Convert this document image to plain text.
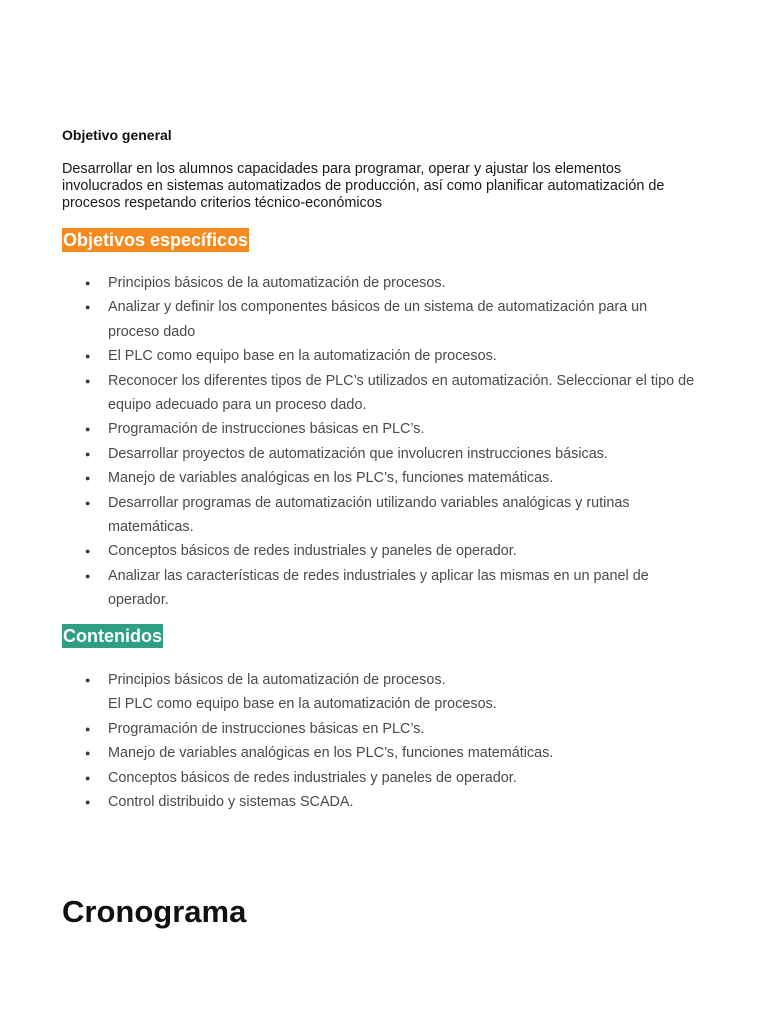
Objetivo general

Desarrollar en los alumnos capacidades para programar, operar y ajustar los elementos involucrados en sistemas automatizados de producción, así como planificar automatización de procesos respetando criterios técnico-económicos

Objetivos específicos
● Principios básicos de la automatización de procesos.
● Analizar y definir los componentes básicos de un sistema de automatización para un proceso dado
● El PLC como equipo base en la automatización de procesos.
● Reconocer los diferentes tipos de PLC’s utilizados en automatización. Seleccionar el tipo de equipo adecuado para un proceso dado.
● Programación de instrucciones básicas en PLC’s.
● Desarrollar proyectos de automatización que involucren instrucciones básicas.
● Manejo de variables analógicas en los PLC’s, funciones matemáticas.
● Desarrollar programas de automatización utilizando variables analógicas y rutinas matemáticas.
● Conceptos básicos de redes industriales y paneles de operador.
● Analizar las características de redes industriales y aplicar las mismas en un panel de operador.
Contenidos
● Principios básicos de la automatización de procesos.
El PLC como equipo base en la automatización de procesos.
● Programación de instrucciones básicas en PLC’s.
● Manejo de variables analógicas en los PLC’s, funciones matemáticas.
● Conceptos básicos de redes industriales y paneles de operador.
● Control distribuido y sistemas SCADA.
Cronograma
